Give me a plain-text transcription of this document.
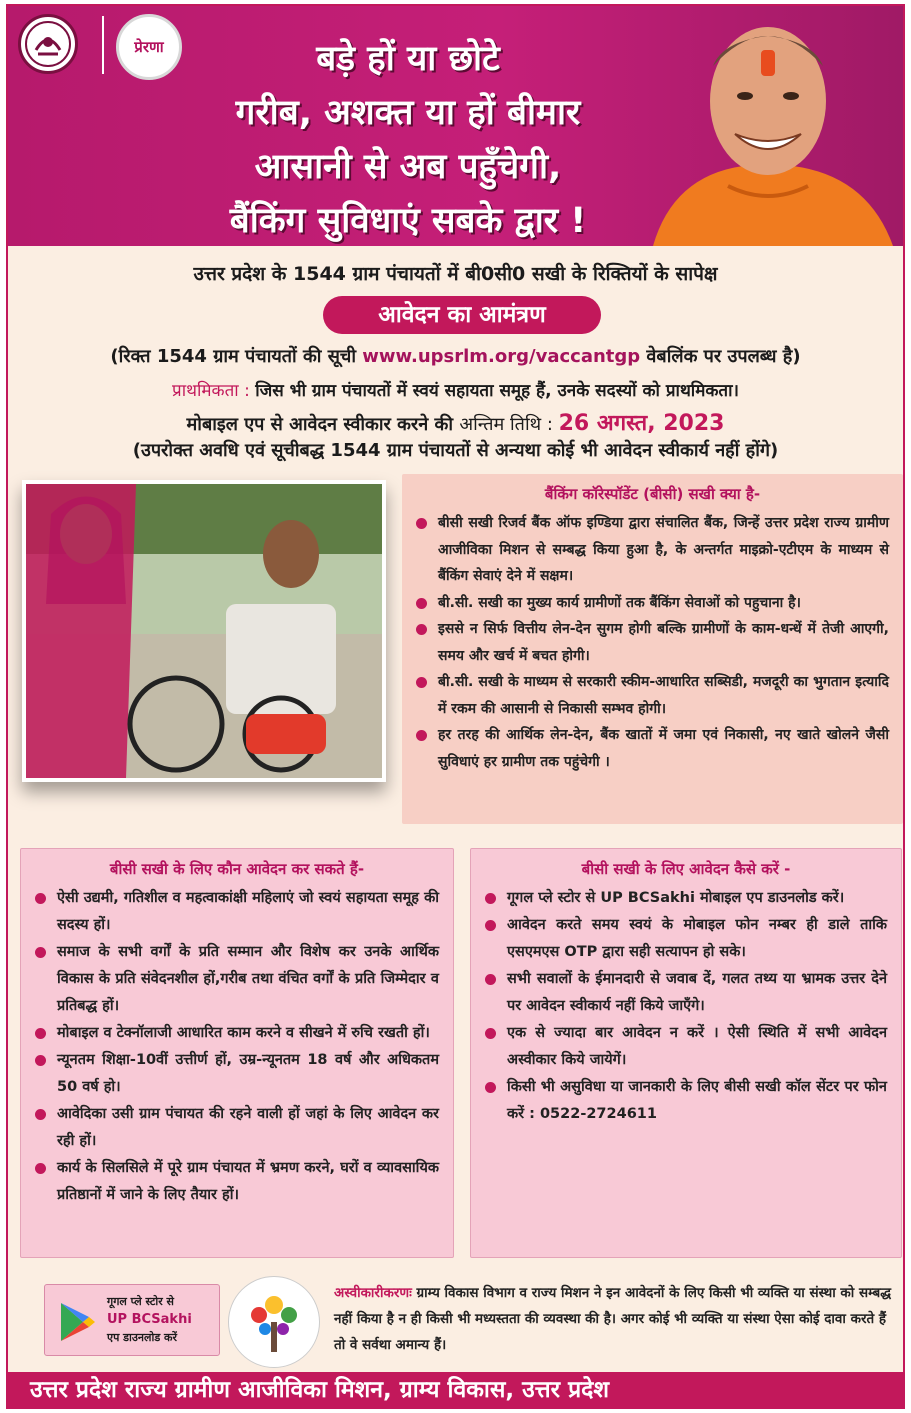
प्रेरणा	बड़े हों या छोटे
गरीब, अशक्त या हों बीमार
आसानी से अब पहुँचेगी,
बैंकिंग सुविधाएं सबके द्वार !
उत्तर प्रदेश के 1544 ग्राम पंचायतों में बी0सी0 सखी के रिक्तियों के सापेक्ष
आवेदन का आमंत्रण
(रिक्त 1544 ग्राम पंचायतों की सूची www.upsrlm.org/vaccantgp वेबलिंक पर उपलब्ध है)
प्राथमिकता : जिस भी ग्राम पंचायतों में स्वयं सहायता समूह हैं, उनके सदस्यों को प्राथमिकता।
मोबाइल एप से आवेदन स्वीकार करने की अन्तिम तिथि : 26 अगस्त, 2023
(उपरोक्त अवधि एवं सूचीबद्ध 1544 ग्राम पंचायतों से अन्यथा कोई भी आवेदन स्वीकार्य नहीं होंगे)
बैंकिंग कॉरेस्पॉडेंट (बीसी) सखी क्या है-
बीसी सखी रिजर्व बैंक ऑफ इण्डिया द्वारा संचालित बैंक, जिन्हें उत्तर प्रदेश राज्य ग्रामीण आजीविका मिशन से सम्बद्ध किया हुआ है, के अन्तर्गत माइक्रो-एटीएम के माध्यम से बैंकिंग सेवाएं देने में सक्षम।
बी.सी. सखी का मुख्य कार्य ग्रामीणों तक बैंकिंग सेवाओं को पहुचाना है।
इससे न सिर्फ वित्तीय लेन-देन सुगम होगी बल्कि ग्रामीणों के काम-धन्धें में तेजी आएगी, समय और खर्च में बचत होगी।
बी.सी. सखी के माध्यम से सरकारी स्कीम-आधारित सब्सिडी, मजदूरी का भुगतान इत्यादि में रकम की आसानी से निकासी सम्भव होगी।
हर तरह की आर्थिक लेन-देन, बैंक खातों में जमा एवं निकासी, नए खाते खोलने जैसी सुविधाएं हर ग्रामीण तक पहुंचेगी ।
बीसी सखी के लिए कौन आवेदन कर सकते हैं-
ऐसी उद्यमी, गतिशील व महत्वाकांक्षी महिलाएं जो स्वयं सहायता समूह की सदस्य हों।
समाज के सभी वर्गों के प्रति सम्मान और विशेष कर उनके आर्थिक विकास के प्रति संवेदनशील हों,गरीब तथा वंचित वर्गों के प्रति जिम्मेदार व प्रतिबद्ध हों।
मोबाइल व टेक्नॉलाजी आधारित काम करने व सीखने में रुचि रखती हों।
न्यूनतम शिक्षा-10वीं उत्तीर्ण हों, उम्र-न्यूनतम 18 वर्ष और अधिकतम 50 वर्ष हो।
आवेदिका उसी ग्राम पंचायत की रहने वाली हों जहां के लिए आवेदन कर रही हों।
कार्य के सिलसिले में पूरे ग्राम पंचायत में भ्रमण करने, घरों व व्यावसायिक प्रतिष्ठानों में जाने के लिए तैयार हों।
बीसी सखी के लिए आवेदन कैसे करें -
गूगल प्ले स्टोर से UP BCSakhi मोबाइल एप डाउनलोड करें।
आवेदन करते समय स्वयं के मोबाइल फोन नम्बर ही डाले ताकि एसएमएस OTP द्वारा सही सत्यापन हो सके।
सभी सवालों के ईमानदारी से जवाब दें, गलत तथ्य या भ्रामक उत्तर देने पर आवेदन स्वीकार्य नहीं किये जाएँगे।
एक से ज्यादा बार आवेदन न करें । ऐसी स्थिति में सभी आवेदन अस्वीकार किये जायेगें।
किसी भी असुविधा या जानकारी के लिए बीसी सखी कॉल सेंटर पर फोन करें : 0522-2724611
गूगल प्ले स्टोर से
UP BCSakhi
एप डाउनलोड करें
अस्वीकारीकरणः ग्राम्य विकास विभाग व राज्य मिशन ने इन आवेदनों के लिए किसी भी व्यक्ति या संस्था को सम्बद्ध नहीं किया है न ही किसी भी मध्यस्तता की व्यवस्था की है। अगर कोई भी व्यक्ति या संस्था ऐसा कोई दावा करते हैं तो वे सर्वथा अमान्य हैं।
उत्तर प्रदेश राज्य ग्रामीण आजीविका मिशन, ग्राम्य विकास, उत्तर प्रदेश
